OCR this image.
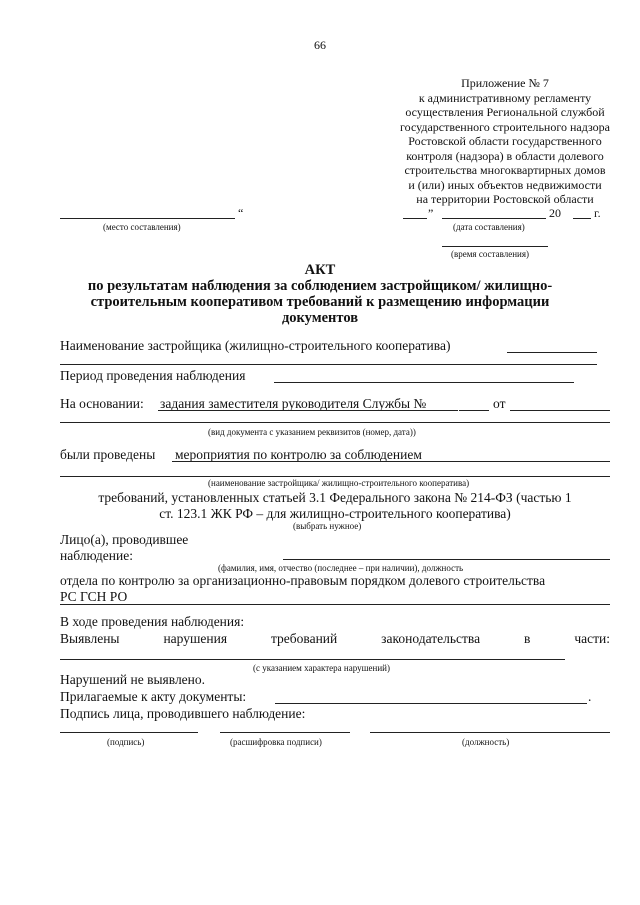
66
Приложение № 7
к административному регламенту
осуществления Региональной службой
государственного строительного надзора
Ростовской области государственного
контроля (надзора) в области долевого
строительства многоквартирных домов
и (или) иных объектов недвижимости
на территории Ростовской области
“	”	20	г.
(место составления)	(дата составления)
(время составления)
АКТ
по результатам наблюдения за соблюдением застройщиком/ жилищно-
строительным кооперативом требований к размещению информации
документов
Наименование застройщика (жилищно-строительного кооператива)
Период проведения наблюдения
На основании: задания заместителя руководителя Службы №	от
(вид документа с указанием реквизитов (номер, дата))
были проведены мероприятия по контролю за соблюдением
(наименование застройщика/ жилищно-строительного кооператива)
требований, установленных статьей 3.1 Федерального закона № 214-ФЗ (частью 1
ст. 123.1 ЖК РФ – для жилищно-строительного кооператива)
(выбрать нужное)
Лицо(а), проводившее
наблюдение:
(фамилия, имя, отчество (последнее – при наличии), должность
отдела по контролю за организационно-правовым порядком долевого строительства
РС ГСН РО
В ходе проведения наблюдения:
Выявлены	нарушения	требований	законодательства	в	части:
(с указанием характера нарушений)
Нарушений не выявлено.
Прилагаемые к акту документы:	.
Подпись лица, проводившего наблюдение:
(подпись)	(расшифровка подписи)	(должность)
